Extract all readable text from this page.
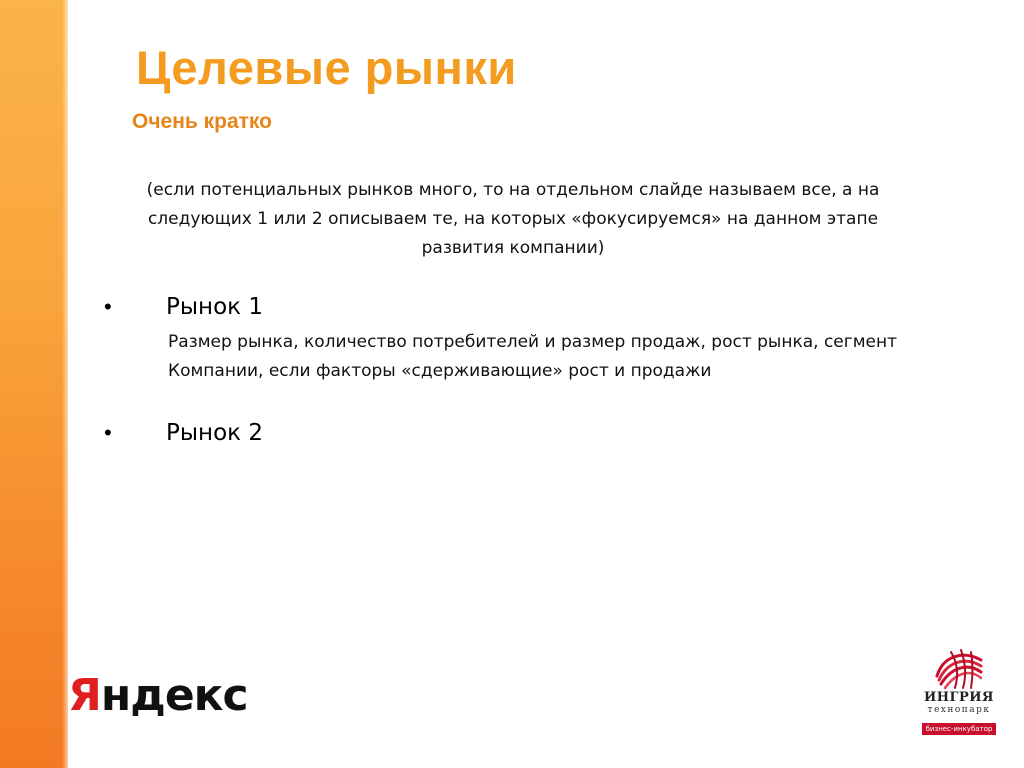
Целевые рынки
Очень кратко
(если потенциальных рынков много, то на отдельном слайде называем все, а на следующих 1 или 2 описываем те, на которых «фокусируемся» на данном этапе развития компании)
• Рынок 1
Размер рынка, количество потребителей и размер продаж, рост рынка, сегмент Компании, если факторы «сдерживающие» рост и продажи
• Рынок 2
Яндекс	ИНГРИЯ
технопарк
бизнес-инкубатор
